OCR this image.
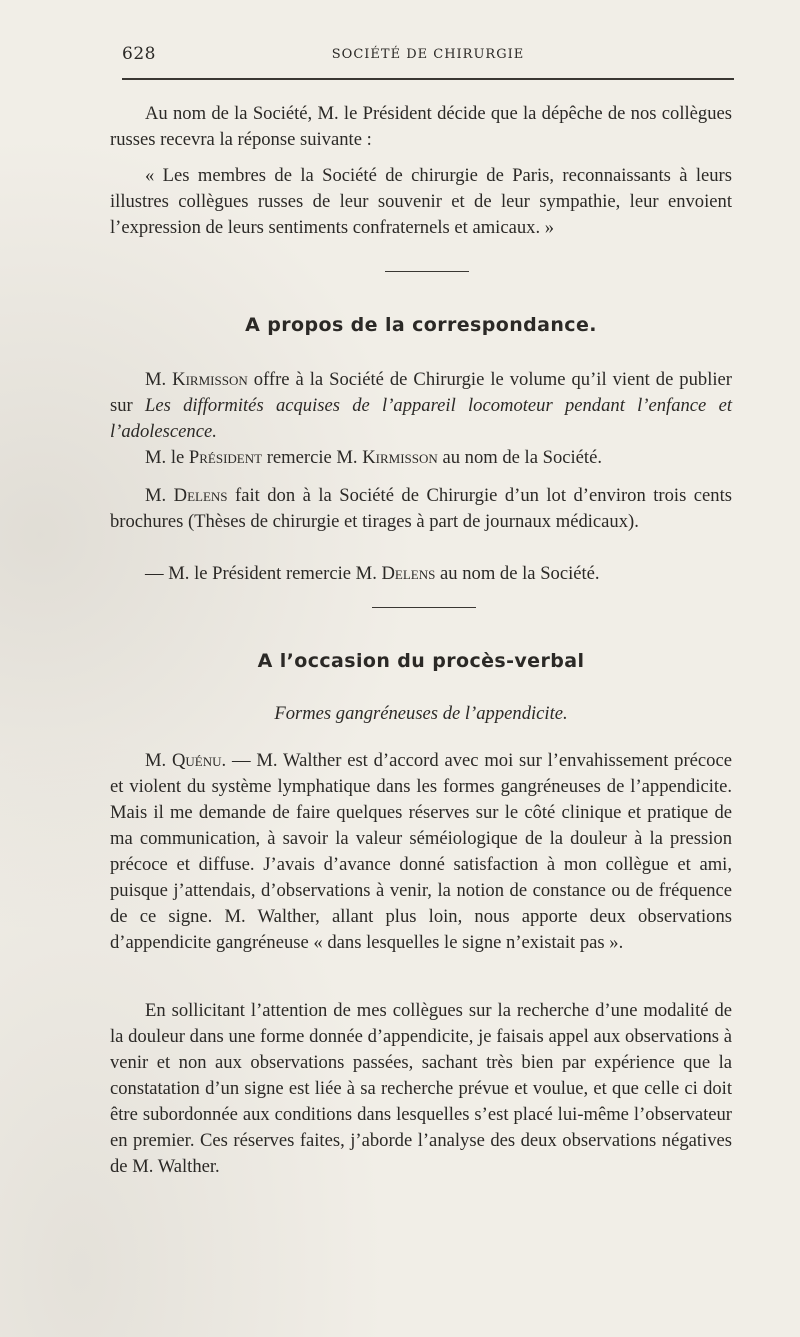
628	SOCIÉTÉ DE CHIRURGIE

Au nom de la Société, M. le Président décide que la dépêche de nos collègues russes recevra la réponse suivante :

« Les membres de la Société de chirurgie de Paris, reconnaissants à leurs illustres collègues russes de leur souvenir et de leur sympathie, leur envoient l’expression de leurs sentiments confraternels et amicaux. »

A propos de la correspondance.

M. Kirmisson offre à la Société de Chirurgie le volume qu’il vient de publier sur Les difformités acquises de l’appareil locomoteur pendant l’enfance et l’adolescence.

M. le Président remercie M. Kirmisson au nom de la Société.

M. Delens fait don à la Société de Chirurgie d’un lot d’environ trois cents brochures (Thèses de chirurgie et tirages à part de journaux médicaux).

— M. le Président remercie M. Delens au nom de la Société.

A l’occasion du procès-verbal

Formes gangréneuses de l’appendicite.

M. Quénu. — M. Walther est d’accord avec moi sur l’envahissement précoce et violent du système lymphatique dans les formes gangréneuses de l’appendicite. Mais il me demande de faire quelques réserves sur le côté clinique et pratique de ma communication, à savoir la valeur séméiologique de la douleur à la pression précoce et diffuse. J’avais d’avance donné satisfaction à mon collègue et ami, puisque j’attendais, d’observations à venir, la notion de constance ou de fréquence de ce signe. M. Walther, allant plus loin, nous apporte deux observations d’appendicite gangréneuse « dans lesquelles le signe n’existait pas ».

En sollicitant l’attention de mes collègues sur la recherche d’une modalité de la douleur dans une forme donnée d’appendicite, je faisais appel aux observations à venir et non aux observations passées, sachant très bien par expérience que la constatation d’un signe est liée à sa recherche prévue et voulue, et que celle ci doit être subordonnée aux conditions dans lesquelles s’est placé lui-même l’observateur en premier. Ces réserves faites, j’aborde l’analyse des deux observations négatives de M. Walther.
